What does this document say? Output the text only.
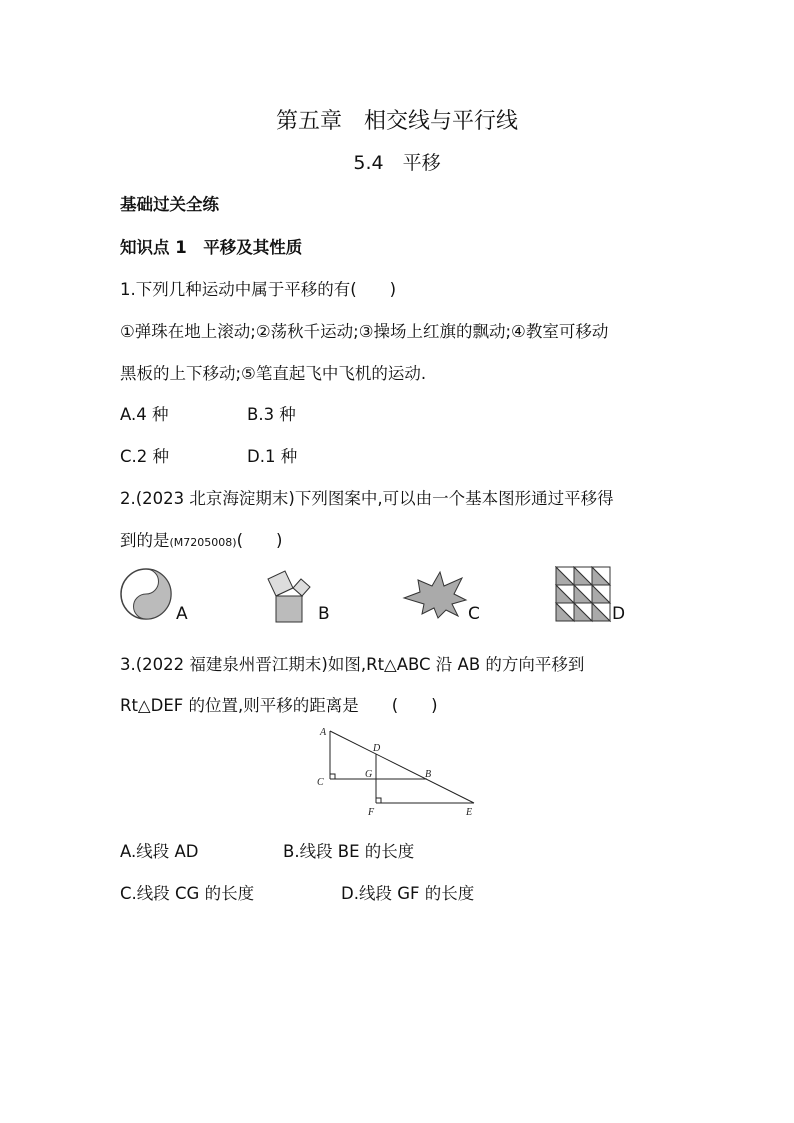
第五章　相交线与平行线
5.4　平移
基础过关全练
知识点 1　平移及其性质
1.下列几种运动中属于平移的有(　　)
①弹珠在地上滚动;②荡秋千运动;③操场上红旗的飘动;④教室可移动
黑板的上下移动;⑤笔直起飞中飞机的运动.
A.4 种	B.3 种
C.2 种	D.1 种
2.(2023 北京海淀期末)下列图案中,可以由一个基本图形通过平移得
到的是(M7205008)(　　)
A	B	C	D
3.(2022 福建泉州晋江期末)如图,Rt△ABC 沿 AB 的方向平移到
Rt△DEF 的位置,则平移的距离是　　(　　)
A
D
C
G	B
F	E
A.线段 AD	B.线段 BE 的长度
C.线段 CG 的长度	D.线段 GF 的长度
